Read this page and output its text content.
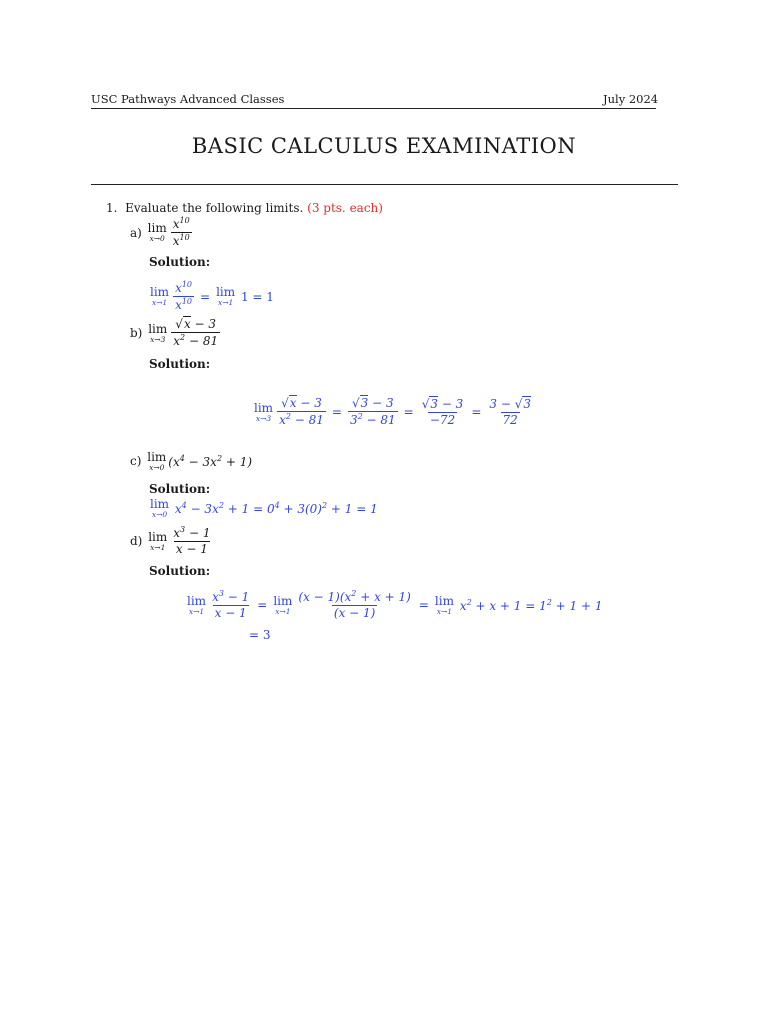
USC Pathways Advanced Classes	July 2024
BASIC CALCULUS EXAMINATION
1. Evaluate the following limits. (3 pts. each)
a)
lim
$x\to 0 \frac{x^{10}}{x^{10}}$
Solution:
lim
$x\to 1 \frac{x^{10}}{x^{10}} = \lim$
x→1 1 = 1
b)
lim
$x\to 3 \frac{√x - 3}{x^2 - 81}$
Solution:
lim
$x\to 3 \frac{√x - 3}{x^2 - 81} = \frac{√3 - 3}{3^2 - 81} = \frac{√3 - 3}{-72} = \frac{3 - √3}{72}$
c)
lim
x→0 $(x^4 - 3x^2 + 1)$
Solution:
lim
x→0 $x^4 - 3x^2 + 1 = 0^4 + 3(0)^2 + 1 = 1$
d)
lim
$x\to 1 \frac{x^3 - 1}{x - 1}$
Solution:
lim
$x\to 1 \frac{x^3 - 1}{x - 1} = \lim$
$x\to 1 \frac{(x - 1)(x^2 + x + 1)}{(x - 1)} = \lim$
x→1 $x^2 + x + 1 = 1^2 + 1 + 1$
= 3
